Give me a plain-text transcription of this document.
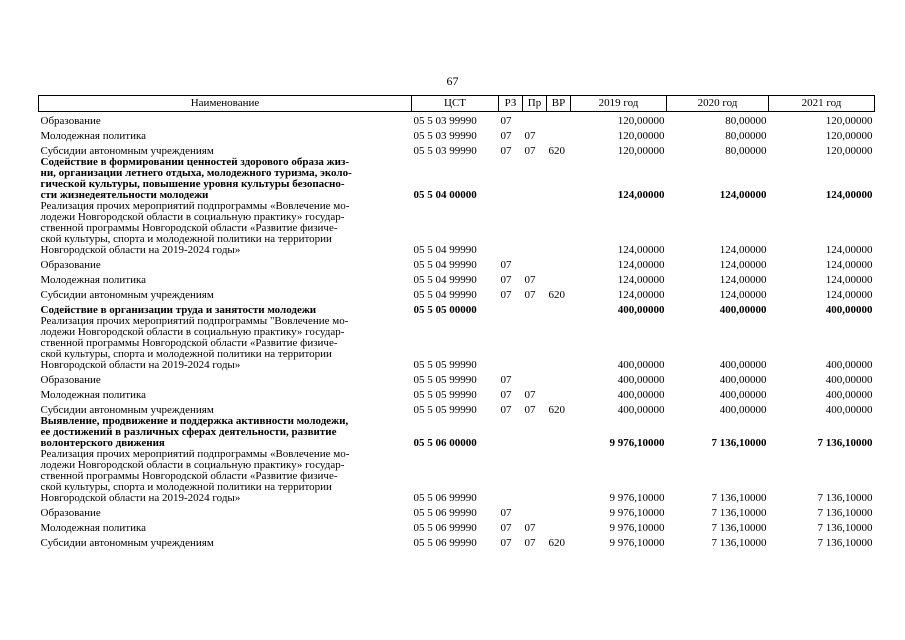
67
Наименование	ЦСТ	РЗ	Пр	ВР	2019 год	2020 год	2021 год
Образование	05 5 03 99990	07			120,00000	80,00000	120,00000
Молодежная политика	05 5 03 99990	07	07		120,00000	80,00000	120,00000
Субсидии автономным учреждениям	05 5 03 99990	07	07	620	120,00000	80,00000	120,00000

Содействие в формировании ценностей здорового образа жиз-
ни, организации летнего отдыха, молодежного туризма, эколо-
гической культуры, повышение уровня культуры безопасно-
сти жизнедеятельности молодежи	05 5 04 00000				124,00000	124,00000	124,00000

Реализация прочих мероприятий подпрограммы «Вовлечение мо-
лодежи Новгородской области в социальную практику» государ-
ственной программы Новгородской области «Развитие физиче-
ской культуры, спорта и молодежной политики на территории
Новгородской области на 2019-2024 годы»	05 5 04 99990				124,00000	124,00000	124,00000
Образование	05 5 04 99990	07			124,00000	124,00000	124,00000
Молодежная политика	05 5 04 99990	07	07		124,00000	124,00000	124,00000
Субсидии автономным учреждениям	05 5 04 99990	07	07	620	124,00000	124,00000	124,00000
Содействие в организации труда и занятости молодежи	05 5 05 00000				400,00000	400,00000	400,00000

Реализация прочих мероприятий подпрограммы "Вовлечение мо-
лодежи Новгородской области в социальную практику» государ-
ственной программы Новгородской области «Развитие физиче-
ской культуры, спорта и молодежной политики на территории
Новгородской области на 2019-2024 годы»	05 5 05 99990				400,00000	400,00000	400,00000
Образование	05 5 05 99990	07			400,00000	400,00000	400,00000
Молодежная политика	05 5 05 99990	07	07		400,00000	400,00000	400,00000
Субсидии автономным учреждениям	05 5 05 99990	07	07	620	400,00000	400,00000	400,00000

Выявление, продвижение и поддержка активности молодежи,
ее достижений в различных сферах деятельности, развитие
волонтерского движения	05 5 06 00000				9 976,10000	7 136,10000	7 136,10000

Реализация прочих мероприятий подпрограммы «Вовлечение мо-
лодежи Новгородской области в социальную практику» государ-
ственной программы Новгородской области «Развитие физиче-
ской культуры, спорта и молодежной политики на территории
Новгородской области на 2019-2024 годы»	05 5 06 99990				9 976,10000	7 136,10000	7 136,10000
Образование	05 5 06 99990	07			9 976,10000	7 136,10000	7 136,10000
Молодежная политика	05 5 06 99990	07	07		9 976,10000	7 136,10000	7 136,10000
Субсидии автономным учреждениям	05 5 06 99990	07	07	620	9 976,10000	7 136,10000	7 136,10000
